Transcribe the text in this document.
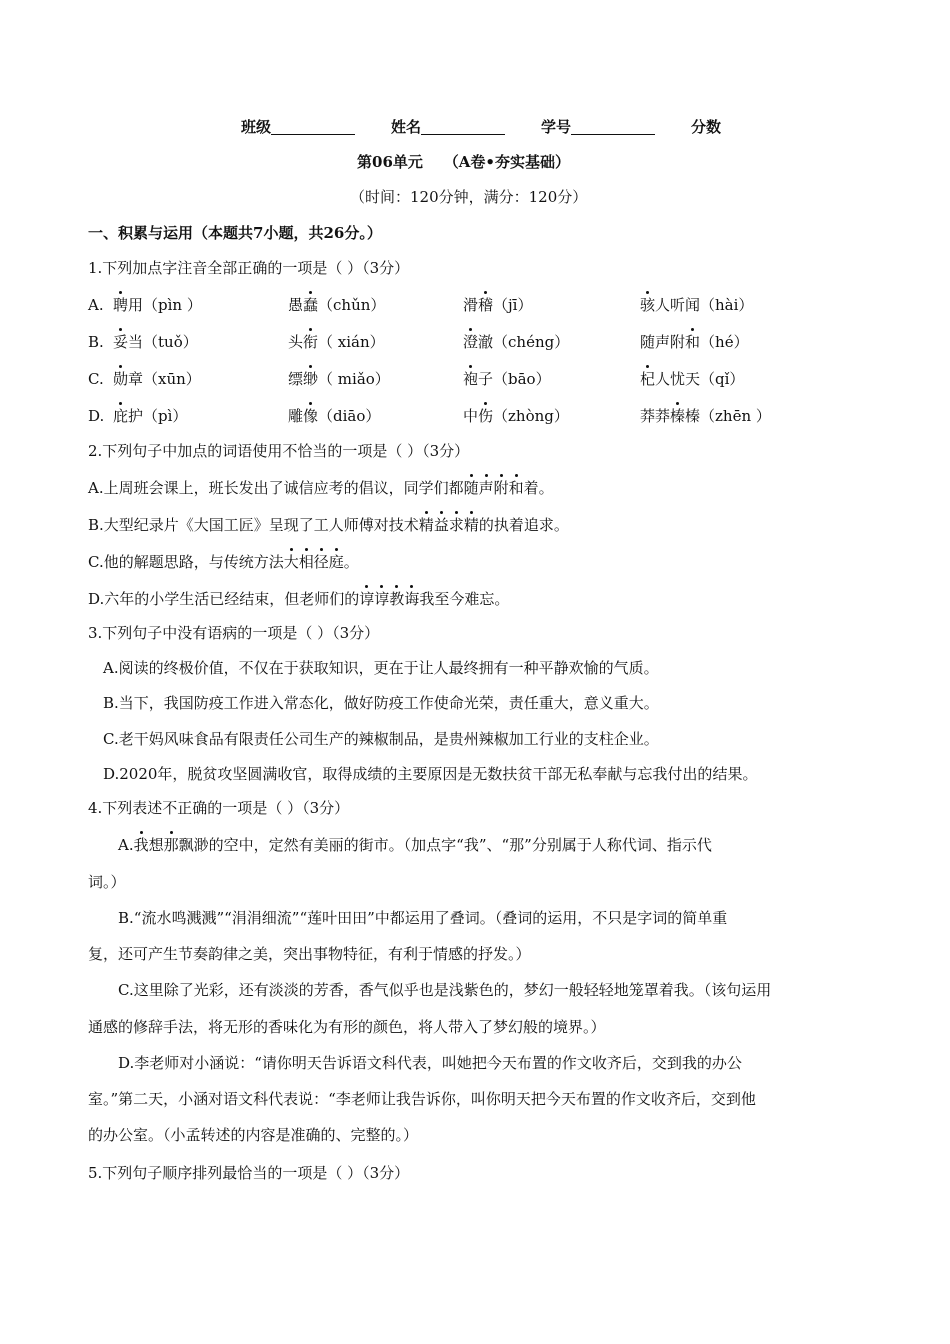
班级	姓名	学号	分数
第06单元 （A卷•夯实基础）
（时间：120分钟，满分：120分）
一、积累与运用（本题共7小题，共26分。）
1.下列加点字注音全部正确的一项是（ ）（3分）
A. 聘用（pìn ）	愚蠢（chǔn）	滑稽（jī）	骇人听闻（hài）
B. 妥当（tuǒ）	头衔（ xián）	澄澈（chéng）	随声附和（hé）
C. 勋章（xūn）	缥缈（ miǎo）	袍子（bāo）	杞人忧天（qǐ）
D. 庇护（pì）	雕像（diāo）	中伤（zhòng）	莽莽榛榛（zhēn ）
2.下列句子中加点的词语使用不恰当的一项是（ ）（3分）
A.上周班会课上，班长发出了诚信应考的倡议，同学们都随声附和着。
B.大型纪录片《大国工匠》呈现了工人师傅对技术精益求精的执着追求。
C.他的解题思路，与传统方法大相径庭。
D.六年的小学生活已经结束，但老师们的谆谆教诲我至今难忘。
3.下列句子中没有语病的一项是（ ）（3分）
A.阅读的终极价值，不仅在于获取知识，更在于让人最终拥有一种平静欢愉的气质。
B.当下，我国防疫工作进入常态化，做好防疫工作使命光荣，责任重大，意义重大。
C.老干妈风味食品有限责任公司生产的辣椒制品，是贵州辣椒加工行业的支柱企业。
D.2020年，脱贫攻坚圆满收官，取得成绩的主要原因是无数扶贫干部无私奉献与忘我付出的结果。
4.下列表述不正确的一项是（ ）（3分）
A.我想那飘渺的空中，定然有美丽的街市。（加点字“我”、“那”分别属于人称代词、指示代
词。）
B.“流水鸣溅溅”“涓涓细流”“莲叶田田”中都运用了叠词。（叠词的运用，不只是字词的简单重
复，还可产生节奏韵律之美，突出事物特征，有利于情感的抒发。）
C.这里除了光彩，还有淡淡的芳香，香气似乎也是浅紫色的，梦幻一般轻轻地笼罩着我。（该句运用
通感的修辞手法，将无形的香味化为有形的颜色，将人带入了梦幻般的境界。）
D.李老师对小涵说：“请你明天告诉语文科代表，叫她把今天布置的作文收齐后，交到我的办公
室。”第二天，小涵对语文科代表说：“李老师让我告诉你，叫你明天把今天布置的作文收齐后，交到他
的办公室。（小孟转述的内容是准确的、完整的。）
5.下列句子顺序排列最恰当的一项是（ ）（3分）
